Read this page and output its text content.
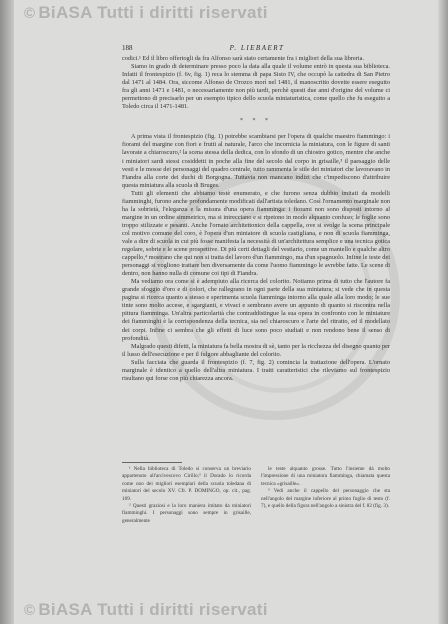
© BiASA Tutti i diritti riservati
188	P. LIEBAERT

codici.¹ Ed il libro offertogli da fra Alfonso sarà stato certamente fra i migliori della sua libreria.

Siamo in grado di determinare presso poco la data alla quale il volume entrò in questa sua biblioteca. Infatti il frontespizio (f. 6v, fig. 1) reca lo stemma di papa Sisto IV, che occupò la cattedra di San Pietro dal 1471 al 1484. Ora, siccome Alfonso de Orozco morì nel 1481, il manoscritto dovette essere eseguito fra gli anni 1471 e 1481, o necessariamente non più tardi, perchè questi due anni d'origine del volume ci permettono di precisarlo per un esempio tipico dello scuola miniaturistica, come quello che fu eseguito a Toledo circa il 1471-1481.

* * *

A prima vista il frontespizio (fig. 1) potrebbe scambiarsi per l'opera di qualche maestro fiammingo: i fiorami del margine con fiori e frutti al naturale, l'arco che incornicia la miniatura, con le figure di santi lavorate a chiaroscuro,² la scena stessa della dedica, con lo sfondo di un chiostro gotico, mentre che anche i miniatori sardi stessi cosiddetti in poche alla fine del secolo dal corpo in grisaille,³ il paesaggio delle vesti e le mosse dei personaggi del quadro centrale, tutto rammenta le stile dei miniatori che lavoravano in Fiandra alla corte dei duchi di Borgogna. Tuttavia non mancano indizi che c'impediscono d'attribuire questa miniatura alla scuola di Bruges.

Tutti gli elementi che abbiamo testè enumerato, e che furono senza dubbio imitati da modelli fiamminghi, furono anche profondamente modificati dall'artista toledano. Così l'ornamento marginale non ha la sobrietà, l'eleganza e la misura d'una opera fiamminga: i fiorami non sono disposti intorno al margine in un ordine simmetrico, ma si intrecciano e si ripetono in modo alquanto confuso; le foglie sono troppo stilizzate e pesanti. Anche l'ornato architettonico della cappella, ove si svolge la scena principale col motivo comune del coro, è l'opera d'un miniatore di scuola castigliana, e non di scuola fiamminga, vale a dire di scuola in cui più fosse manifesta la necessità di un'architettura semplice e una tecnica gotica regolare, sobrie e le scene prospettive. Di più certi dettagli del vestiario, come un mantello e qualche altro cappello,⁴ mostrano che qui non si tratta del lavoro d'un fiammingo, ma d'un spagnuolo. Infine le teste dei personaggi si vogliono trattare ben diversamente da come l'uomo fiammingo le avrebbe fatte. Le scene di dentro, non hanno nulla di comune coi tipi di Fiandra.

Ma vediamo ora come si è adempiuto alla ricerca del colorito. Notiamo prima di tutto che l'autore fa grande sfoggio d'oro e di colori, che rallegrano in ogni parte della sua miniatura; si vede che in questa pagina si ricerca quanto a stesso e sperimenta scuola fiamminga intorno alla quale alla loro modo; le sue tinte sono molto accese, e sgargianti, e vivaci e sembrano avere un appunto di quanto si riscontra nella pittura fiamminga. Un'altra particolarità che contraddistingue la sua opera in confronto con le miniature dei fiamminghi è la corrispondenza della tecnica, sia nel chiaroscuro e l'arte del ritratto, ed il modellato dei corpi. Infine ci sembra che gli effetti di luce sono poco studiati e non rendono bene il senso di profondità.

Malgrado questi difetti, la miniatura fa bella mostra di sè, tanto per la ricchezza del disegno quanto per il lusso dell'esecuzione e per il fulgore abbagliante del colorito.

Sulla facciata che guarda il frontespizio (f. 7, fig. 2) comincia la trattazione dell'opera. L'ornato marginale è identico a quello dell'altra miniatura. I tratti caratteristici che rileviamo sul frontespizio risultano qui forse con più chiarezza ancora.

¹ Nella biblioteca di Toledo si conserva un breviario appartenuto all'arcivescovo Cirillo;³ il Dorado lo ricorda come uno dei migliori esemplari della scuola toledana di miniatori del secolo XV. Cfr. P. DOMINGO, op. cit., pag. 169.

² Questi graziosi e la loro maniera imitato da miniatori fiamminghi. I personaggi sono sempre in grisaille, generalmente

le teste alquanto grosse. Tutto l'insieme dà molto l'impressione di una miniatura fiamminga, chiamata questa tecnica «grisaille».

³ Vedi anche il cappello del personaggio che sta nell'angolo del margine inferiore al primo foglio di testo (f. 7), e quello della figura nell'angolo a sinistra del f. 82 (fig. 3).

© BiASA Tutti i diritti riservati
